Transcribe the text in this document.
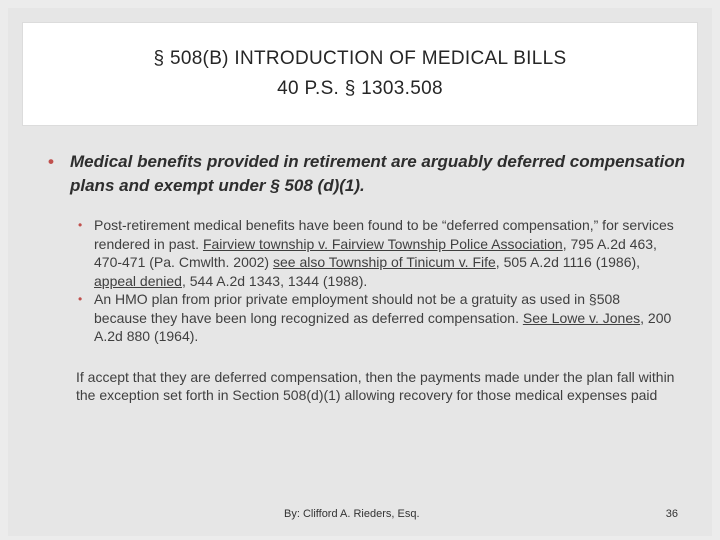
§ 508(B) INTRODUCTION OF MEDICAL BILLS
40 P.S. § 1303.508
• Medical benefits provided in retirement are arguably deferred compensation plans and exempt under § 508 (d)(1).
• Post-retirement medical benefits have been found to be “deferred compensation,” for services rendered in past. Fairview township v. Fairview Township Police Association, 795 A.2d 463, 470-471 (Pa. Cmwlth. 2002) see also Township of Tinicum v. Fife, 505 A.2d 1116 (1986), appeal denied, 544 A.2d 1343, 1344 (1988).
• An HMO plan from prior private employment should not be a gratuity as used in §508 because they have been long recognized as deferred compensation. See Lowe v. Jones, 200 A.2d 880 (1964).
If accept that they are deferred compensation, then the payments made under the plan fall within the exception set forth in Section 508(d)(1) allowing recovery for those medical expenses paid
By: Clifford A. Rieders, Esq.	36
